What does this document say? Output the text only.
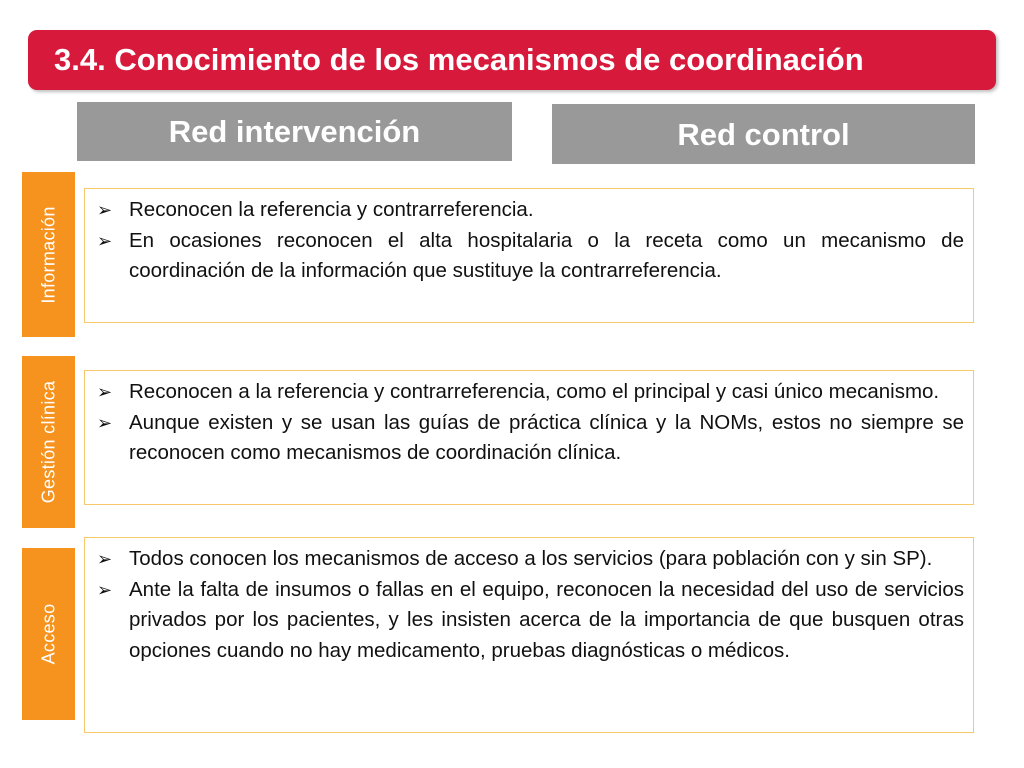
3.4. Conocimiento de los mecanismos de coordinación
Red intervención	Red control
Información ➢ Reconocen la referencia y contrarreferencia.
➢ En ocasiones reconocen el alta hospitalaria o la receta como un mecanismo de coordinación de la información que sustituye la contrarreferencia.
Gestión clínica ➢ Reconocen a la referencia y contrarreferencia, como el principal y casi único mecanismo.
➢ Aunque existen y se usan las guías de práctica clínica y la NOMs, estos no siempre se reconocen como mecanismos de coordinación clínica.
Acceso
➢ Todos conocen los mecanismos de acceso a los servicios (para población con y sin SP).
➢ Ante la falta de insumos o fallas en el equipo, reconocen la necesidad del uso de servicios privados por los pacientes, y les insisten acerca de la importancia de que busquen otras opciones cuando no hay medicamento, pruebas diagnósticas o médicos.
